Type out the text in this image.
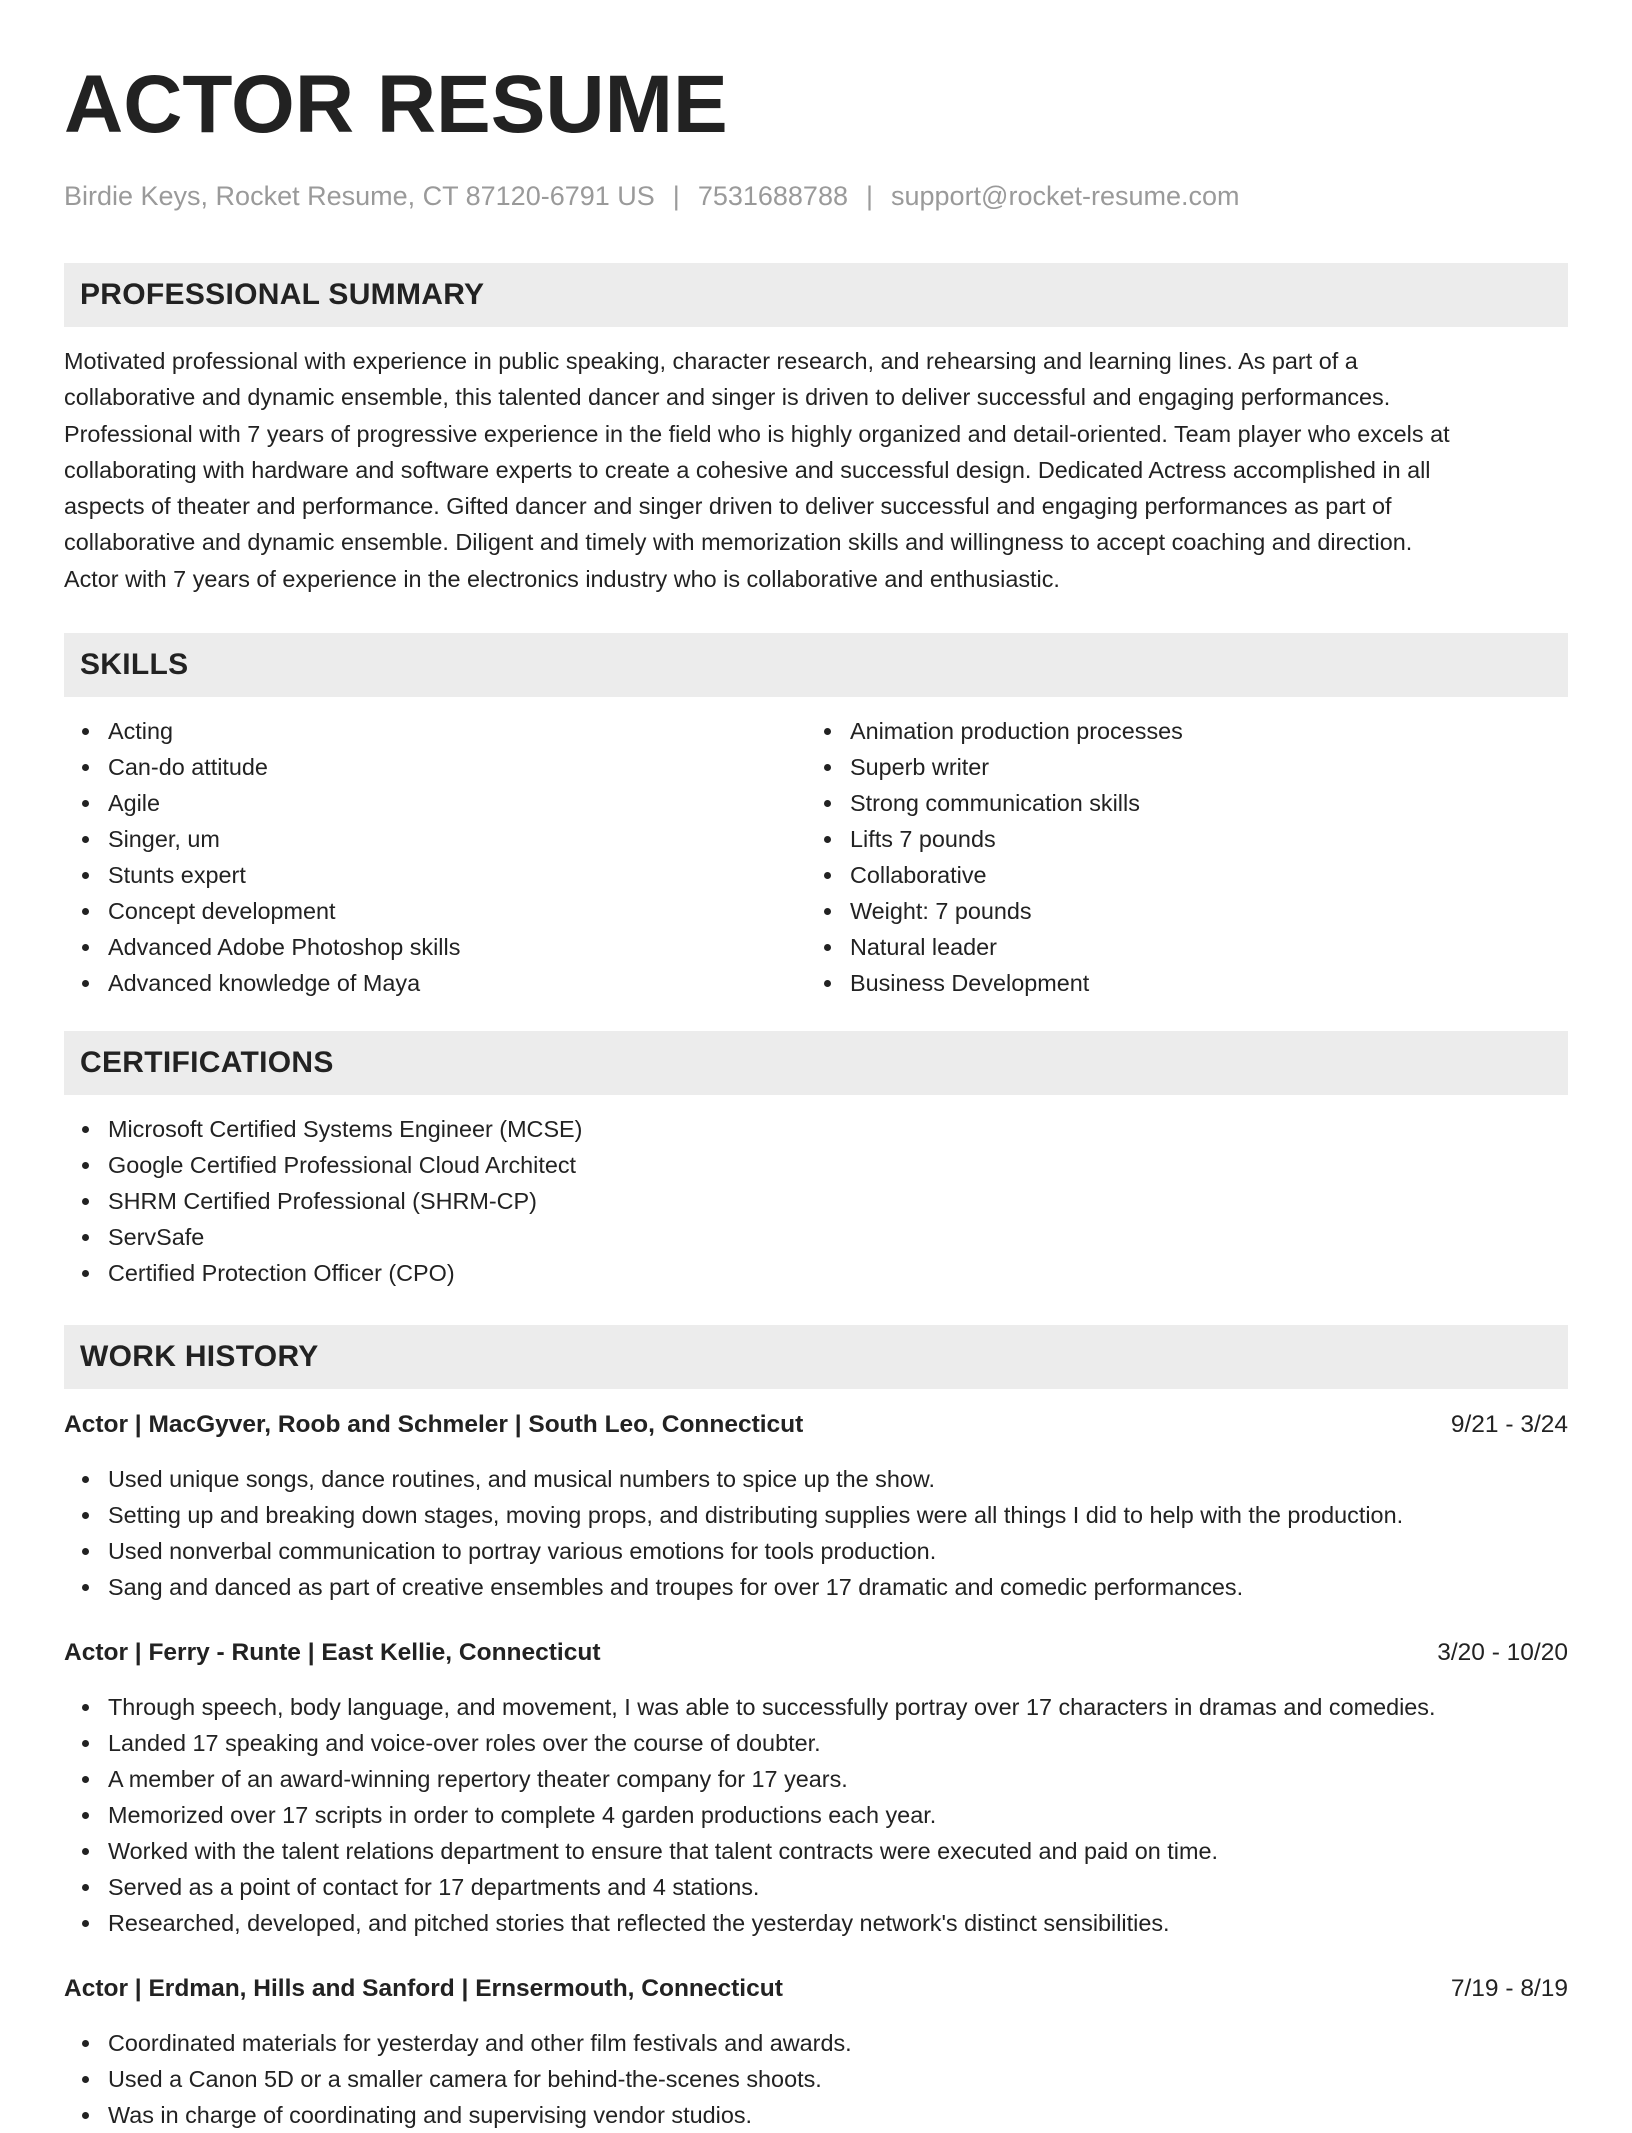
ACTOR RESUME
Birdie Keys, Rocket Resume, CT 87120-6791 US | 7531688788 | support@rocket-resume.com
PROFESSIONAL SUMMARY
Motivated professional with experience in public speaking, character research, and rehearsing and learning lines. As part of a
collaborative and dynamic ensemble, this talented dancer and singer is driven to deliver successful and engaging performances.
Professional with 7 years of progressive experience in the field who is highly organized and detail-oriented. Team player who excels at
collaborating with hardware and software experts to create a cohesive and successful design. Dedicated Actress accomplished in all
aspects of theater and performance. Gifted dancer and singer driven to deliver successful and engaging performances as part of
collaborative and dynamic ensemble. Diligent and timely with memorization skills and willingness to accept coaching and direction.
Actor with 7 years of experience in the electronics industry who is collaborative and enthusiastic.
SKILLS
Acting
Can-do attitude
Agile
Singer, um
Stunts expert
Concept development
Advanced Adobe Photoshop skills
Advanced knowledge of Maya
Animation production processes
Superb writer
Strong communication skills
Lifts 7 pounds
Collaborative
Weight: 7 pounds
Natural leader
Business Development
CERTIFICATIONS
Microsoft Certified Systems Engineer (MCSE)
Google Certified Professional Cloud Architect
SHRM Certified Professional (SHRM-CP)
ServSafe
Certified Protection Officer (CPO)
WORK HISTORY
Actor | MacGyver, Roob and Schmeler | South Leo, Connecticut	9/21 - 3/24
Used unique songs, dance routines, and musical numbers to spice up the show.
Setting up and breaking down stages, moving props, and distributing supplies were all things I did to help with the production.
Used nonverbal communication to portray various emotions for tools production.
Sang and danced as part of creative ensembles and troupes for over 17 dramatic and comedic performances.
Actor | Ferry - Runte | East Kellie, Connecticut	3/20 - 10/20
Through speech, body language, and movement, I was able to successfully portray over 17 characters in dramas and comedies.
Landed 17 speaking and voice-over roles over the course of doubter.
A member of an award-winning repertory theater company for 17 years.
Memorized over 17 scripts in order to complete 4 garden productions each year.
Worked with the talent relations department to ensure that talent contracts were executed and paid on time.
Served as a point of contact for 17 departments and 4 stations.
Researched, developed, and pitched stories that reflected the yesterday network's distinct sensibilities.
Actor | Erdman, Hills and Sanford | Ernsermouth, Connecticut	7/19 - 8/19
Coordinated materials for yesterday and other film festivals and awards.
Used a Canon 5D or a smaller camera for behind-the-scenes shoots.
Was in charge of coordinating and supervising vendor studios.
